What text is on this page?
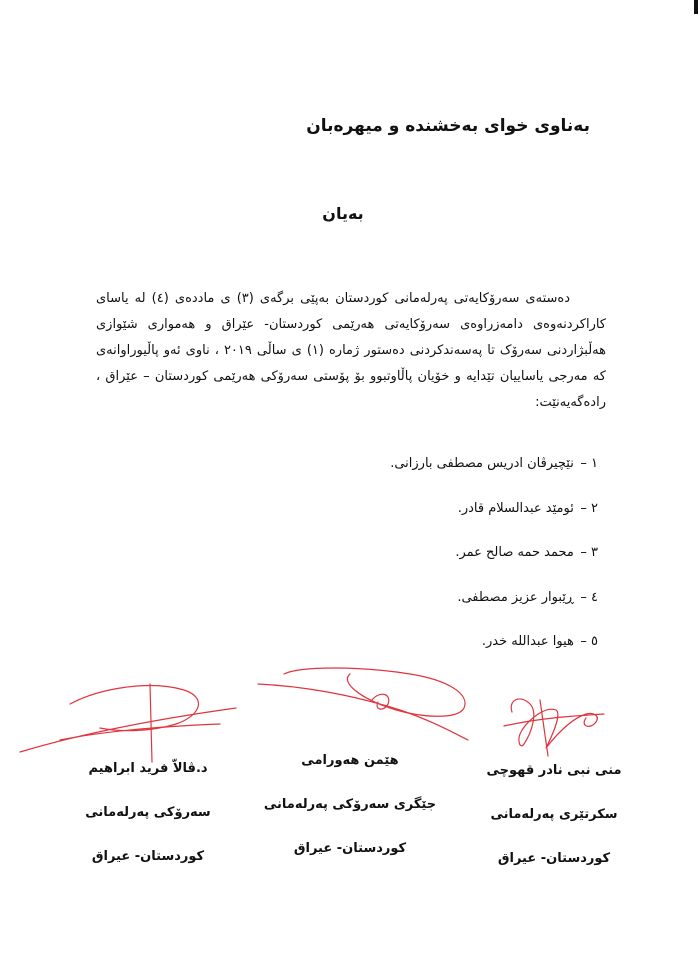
بەناوی خوای بەخشندە و میهرەبان
بەیان

دەستەی سەرۆکایەتی پەرلەمانی کوردستان بەپێی برگەی (٣) ی ماددەی (٤) لە یاسای کاراکردنەوەی دامەزراوەی سەرۆکایەتی هەرێمی کوردستان- عێراق و هەمواری شێوازی هەڵبژاردنی سەرۆک تا پەسەندکردنی دەستور ژمارە (١) ی ساڵی ٢٠١٩ ، ناوی ئەو پاڵیوراوانەی کە مەرجی یاساییان تێدایە و خۆیان پاڵاوتبوو بۆ پۆستی سەرۆکی هەرێمی کوردستان – عێراق ، رادەگەیەنێت:

١ – نێچیرڤان ادریس مصطفی بارزانی.
٢ – ئومێد عبدالسلام قادر.
٣ – محمد حمه صالح عمر.
٤ – ڕێبوار عزیز مصطفی.
٥ – هیوا عبدالله خدر.
منی نبی نادر قهوچی
سکرتێری پەرلەمانی
کوردستان- عیراق
هێمن هەورامی
جێگری سەرۆکی پەرلەمانی
کوردستان- عیراق
د.ڤالاّ فرید ابراهیم
سەرۆکی پەرلەمانی
کوردستان- عیراق
